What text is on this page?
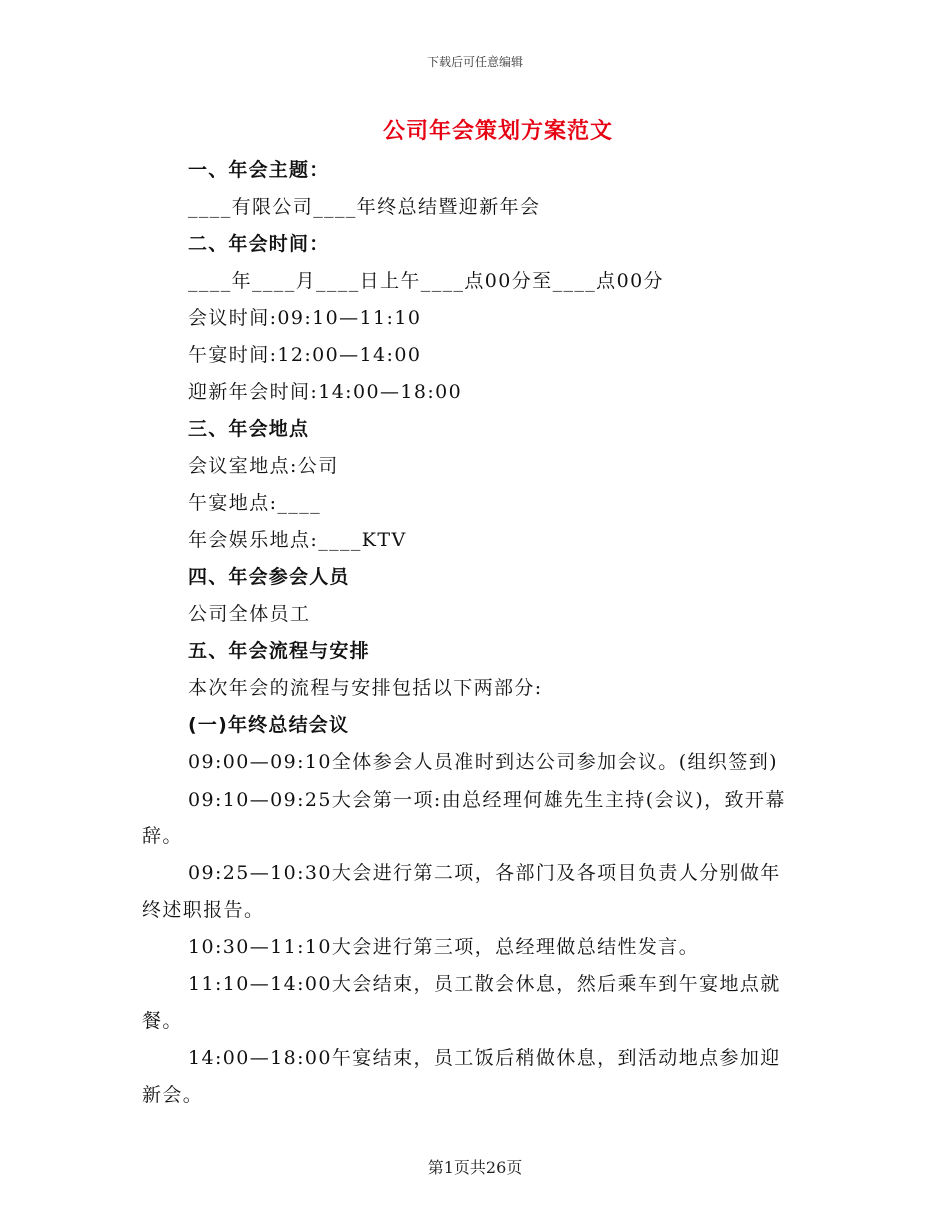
下载后可任意编辑
公司年会策划方案范文
一、年会主题：
____有限公司____年终总结暨迎新年会
二、年会时间：
____年____月____日上午____点00分至____点00分
会议时间:09:10—11:10
午宴时间:12:00—14:00
迎新年会时间:14:00—18:00
三、年会地点
会议室地点:公司
午宴地点:____
年会娱乐地点:____KTV
四、年会参会人员
公司全体员工
五、年会流程与安排
本次年会的流程与安排包括以下两部分:
(一)年终总结会议
09:00—09:10全体参会人员准时到达公司参加会议。(组织签到)
09:10—09:25大会第一项:由总经理何雄先生主持(会议)，致开幕
辞。
09:25—10:30大会进行第二项，各部门及各项目负责人分别做年
终述职报告。
10:30—11:10大会进行第三项，总经理做总结性发言。
11:10—14:00大会结束，员工散会休息，然后乘车到午宴地点就
餐。
14:00—18:00午宴结束，员工饭后稍做休息，到活动地点参加迎
新会。
第1页共26页
